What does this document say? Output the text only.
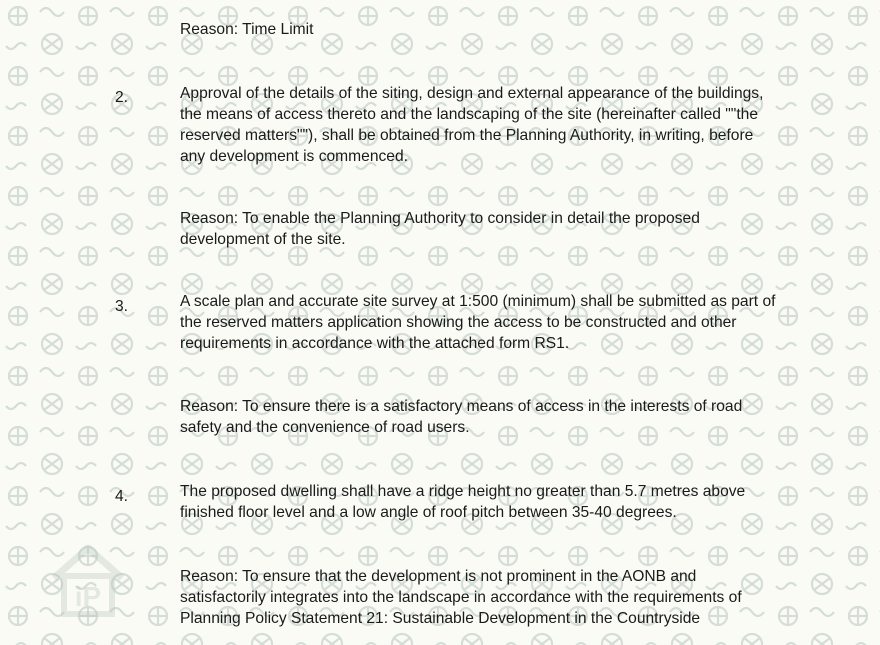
iP

Reason: Time Limit

2.	Approval of the details of the siting, design and external appearance of the buildings, the means of access thereto and the landscaping of the site (hereinafter called ""the reserved matters""), shall be obtained from the Planning Authority, in writing, before any development is commenced.

Reason: To enable the Planning Authority to consider in detail the proposed development of the site.

3.	A scale plan and accurate site survey at 1:500 (minimum) shall be submitted as part of the reserved matters application showing the access to be constructed and other requirements in accordance with the attached form RS1.

Reason: To ensure there is a satisfactory means of access in the interests of road safety and the convenience of road users.

4.	The proposed dwelling shall have a ridge height no greater than 5.7 metres above finished floor level and a low angle of roof pitch between 35-40 degrees.

Reason: To ensure that the development is not prominent in the AONB and satisfactorily integrates into the landscape in accordance with the requirements of Planning Policy Statement 21: Sustainable Development in the Countryside
